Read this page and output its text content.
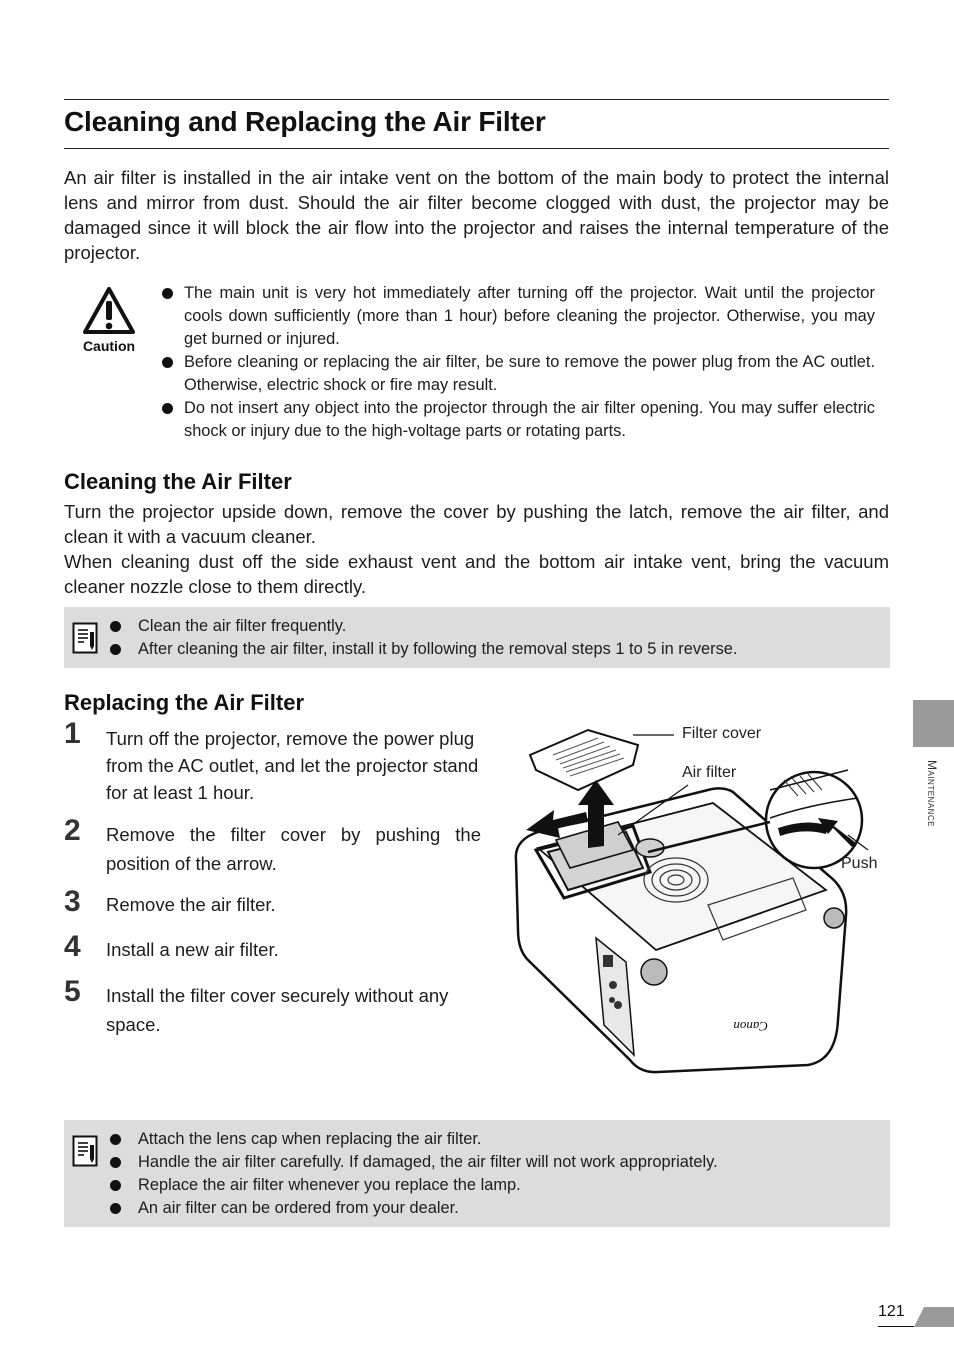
Cleaning and Replacing the Air Filter

An air filter is installed in the air intake vent on the bottom of the main body to protect the internal lens and mirror from dust. Should the air filter become clogged with dust, the projector may be damaged since it will block the air flow into the projector and raises the internal temperature of the projector.

Caution
The main unit is very hot immediately after turning off the projector. Wait until the projector cools down sufficiently (more than 1 hour) before cleaning the projector. Otherwise, you may get burned or injured.
Before cleaning or replacing the air filter, be sure to remove the power plug from the AC outlet. Otherwise, electric shock or fire may result.
Do not insert any object into the projector through the air filter opening. You may suffer electric shock or injury due to the high-voltage parts or rotating parts.
Cleaning the Air Filter

Turn the projector upside down, remove the cover by pushing the latch, remove the air filter, and clean it with a vacuum cleaner.

When cleaning dust off the side exhaust vent and the bottom air intake vent, bring the vacuum cleaner nozzle close to them directly.

Clean the air filter frequently.
After cleaning the air filter, install it by following the removal steps 1 to 5 in reverse.
Replacing the Air Filter
1 Turn off the projector, remove the power plug from the AC outlet, and let the projector stand for at least 1 hour.

2 Remove the filter cover by pushing the position of the arrow.

3 Remove the air filter.

4 Install a new air filter.

5 Install the filter cover securely without any space.	Canon
Filter cover
Air filter
Push
Attach the lens cap when replacing the air filter.
Handle the air filter carefully. If damaged, the air filter will not work appropriately.
Replace the air filter whenever you replace the lamp.
An air filter can be ordered from your dealer.
Maintenance
121
